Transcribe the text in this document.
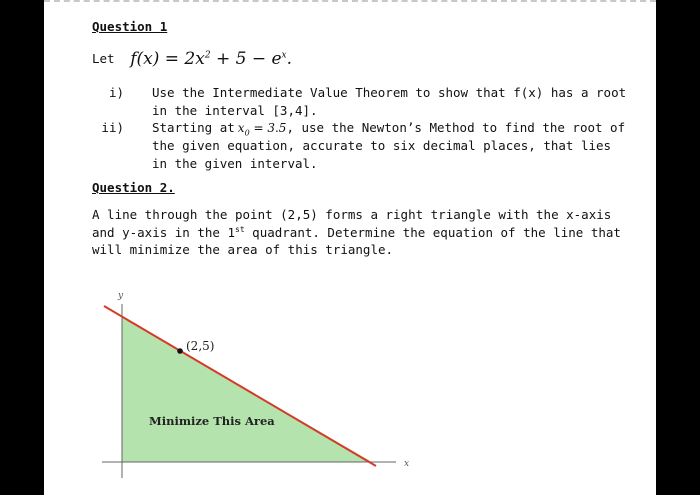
Question 1
Let $f(x) = 2x^2 + 5 - e^x$.
i) Use the Intermediate Value Theorem to show that f(x) has a root
in the interval [3,4].
ii) Starting at $x_0 = 3.5$, use the Newton’s Method to find the root of
the given equation, accurate to six decimal places, that lies
in the given interval.
Question 2.
A line through the point (2,5) forms a right triangle with the x-axis
and y-axis in the 1st quadrant. Determine the equation of the line that
will minimize the area of this triangle.
y
x
(2,5)
Minimize This Area
